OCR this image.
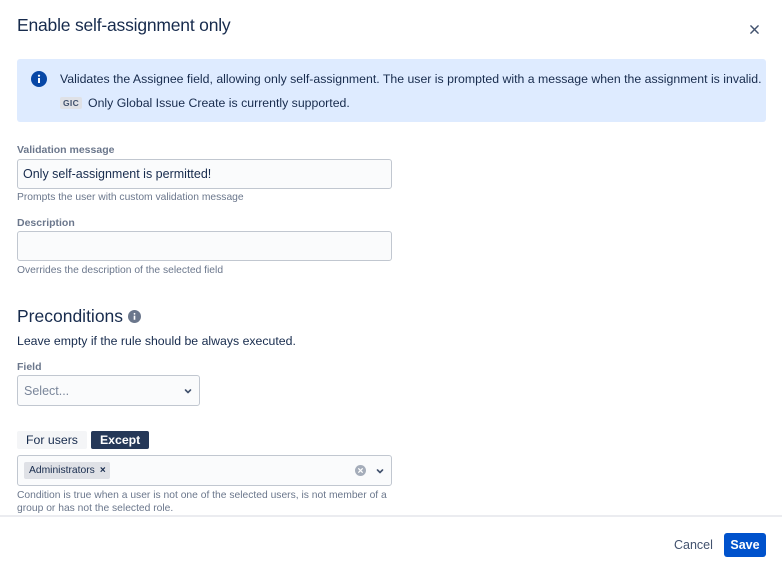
Enable self-assignment only
Validates the Assignee field, allowing only self-assignment. The user is prompted with a message when the assignment is invalid.
GIC Only Global Issue Create is currently supported.
Validation message
Only self-assignment is permitted!
Prompts the user with custom validation message
Description
Overrides the description of the selected field
Preconditions
Leave empty if the rule should be always executed.
Field
Select...
For users	Except
Administrators ×
Condition is true when a user is not one of the selected users, is not member of a group or has not the selected role.
Cancel	Save
